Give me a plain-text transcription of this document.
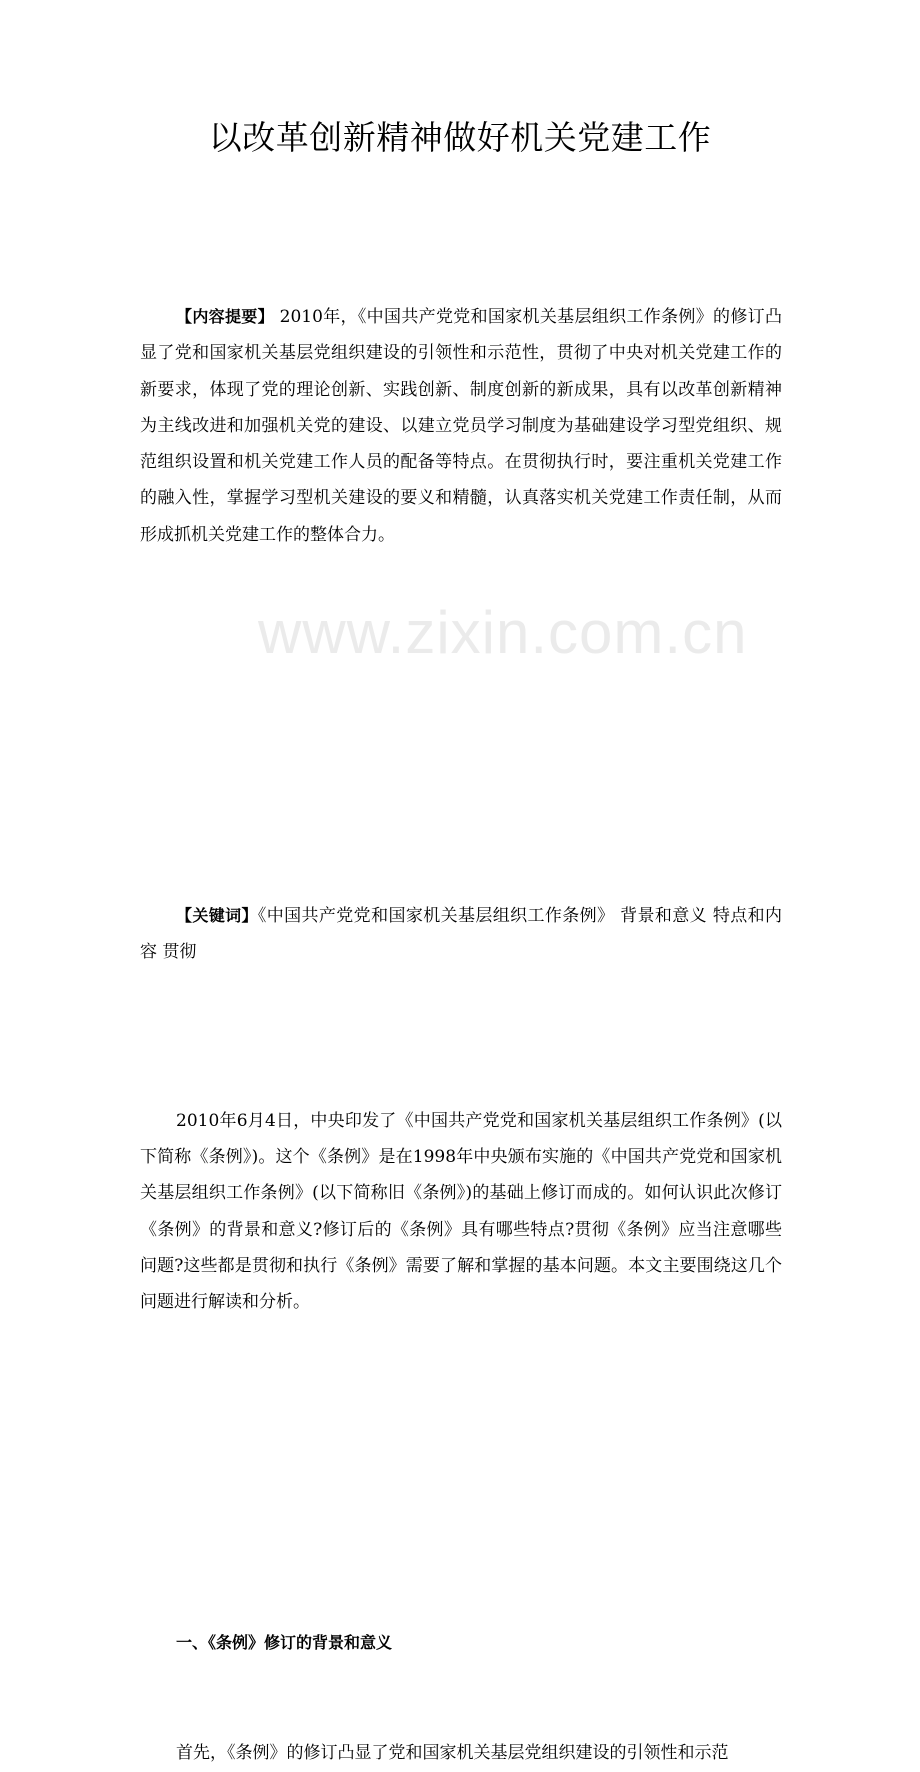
www.zixin.com.cn
以改革创新精神做好机关党建工作

【内容提要】 2010年，《中国共产党党和国家机关基层组织工作条例》的修订凸显了党和国家机关基层党组织建设的引领性和示范性，贯彻了中央对机关党建工作的新要求，体现了党的理论创新、实践创新、制度创新的新成果，具有以改革创新精神为主线改进和加强机关党的建设、以建立党员学习制度为基础建设学习型党组织、规范组织设置和机关党建工作人员的配备等特点。在贯彻执行时，要注重机关党建工作的融入性，掌握学习型机关建设的要义和精髓，认真落实机关党建工作责任制，从而形成抓机关党建工作的整体合力。

【关键词】《中国共产党党和国家机关基层组织工作条例》 背景和意义 特点和内容 贯彻

2010年6月4日，中央印发了《中国共产党党和国家机关基层组织工作条例》(以下简称《条例》)。这个《条例》是在1998年中央颁布实施的《中国共产党党和国家机关基层组织工作条例》(以下简称旧《条例》)的基础上修订而成的。如何认识此次修订《条例》的背景和意义?修订后的《条例》具有哪些特点?贯彻《条例》应当注意哪些问题?这些都是贯彻和执行《条例》需要了解和掌握的基本问题。本文主要围绕这几个问题进行解读和分析。

一、《条例》修订的背景和意义

首先，《条例》的修订凸显了党和国家机关基层党组织建设的引领性和示范
